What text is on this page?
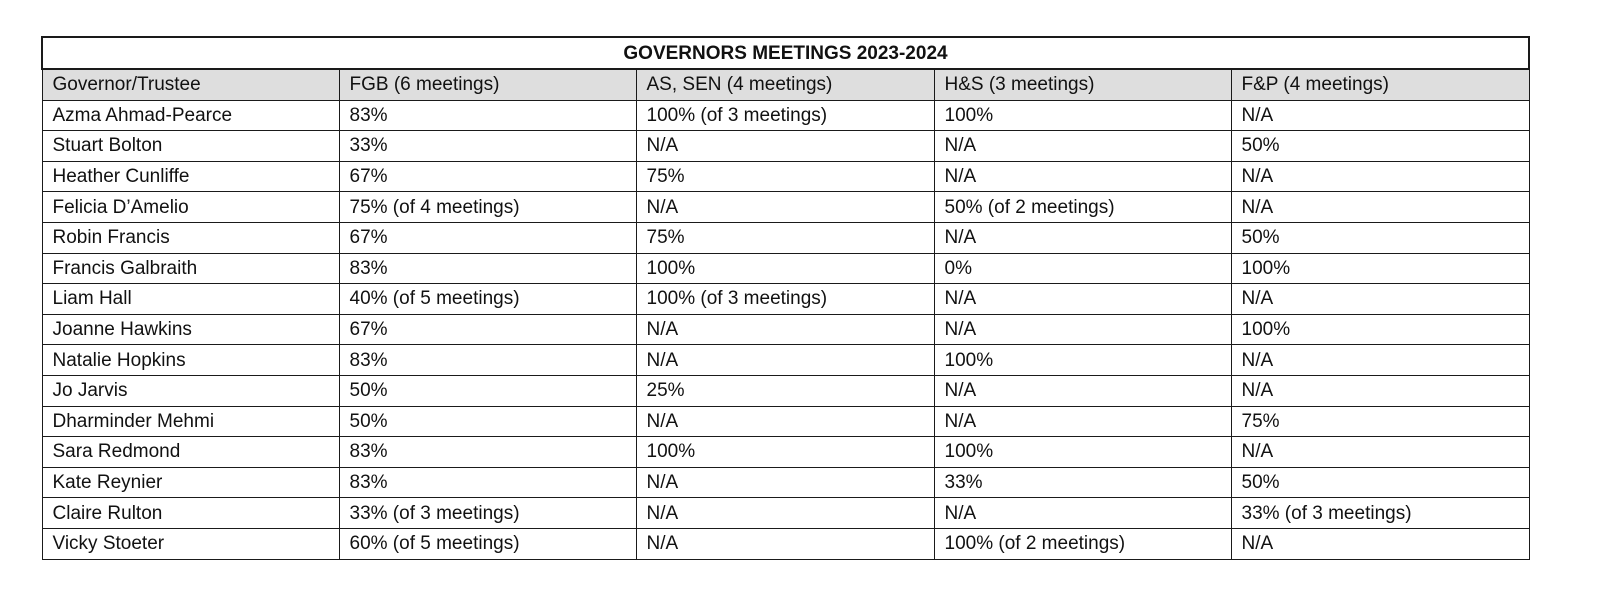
GOVERNORS MEETINGS 2023-2024				
Governor/Trustee	FGB (6 meetings)	AS, SEN (4 meetings)	H&S (3 meetings)	F&P (4 meetings)
Azma Ahmad-Pearce	83%	100% (of 3 meetings)	100%	N/A
Stuart Bolton	33%	N/A	N/A	50%
Heather Cunliffe	67%	75%	N/A	N/A
Felicia D’Amelio	75% (of 4 meetings)	N/A	50% (of 2 meetings)	N/A
Robin Francis	67%	75%	N/A	50%
Francis Galbraith	83%	100%	0%	100%
Liam Hall	40% (of 5 meetings)	100% (of 3 meetings)	N/A	N/A
Joanne Hawkins	67%	N/A	N/A	100%
Natalie Hopkins	83%	N/A	100%	N/A
Jo Jarvis	50%	25%	N/A	N/A
Dharminder Mehmi	50%	N/A	N/A	75%
Sara Redmond	83%	100%	100%	N/A
Kate Reynier	83%	N/A	33%	50%
Claire Rulton	33% (of 3 meetings)	N/A	N/A	33% (of 3 meetings)
Vicky Stoeter	60% (of 5 meetings)	N/A	100% (of 2 meetings)	N/A
